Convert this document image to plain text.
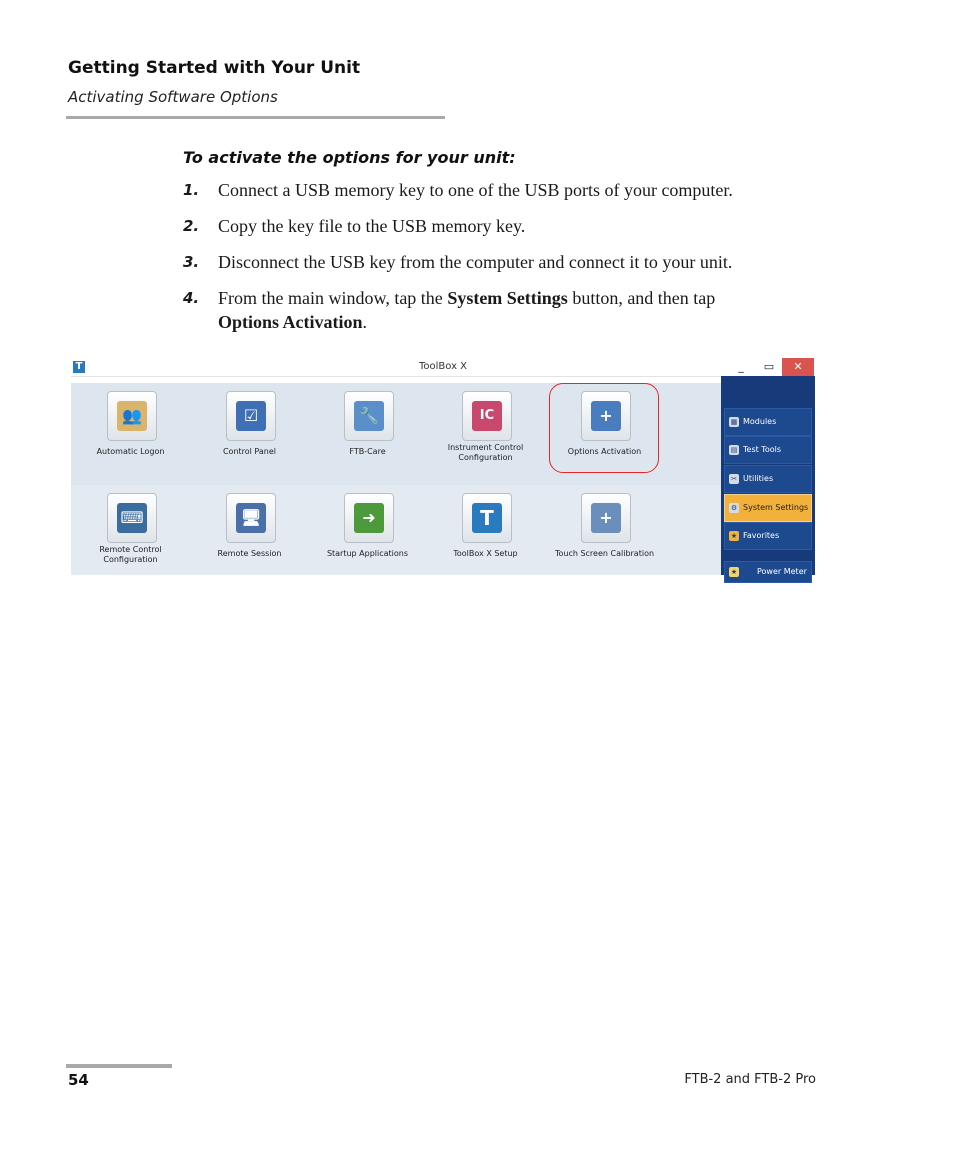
Getting Started with Your Unit
Activating Software Options
To activate the options for your unit:
1.	Connect a USB memory key to one of the USB ports of your computer.
2.	Copy the key file to the USB memory key.
3.	Disconnect the USB key from the computer and connect it to your unit.
4.	From the main window, tap the System Settings button, and then tap
Options Activation.
T	ToolBox X	_	▭	✕
👥
Automatic Logon
☑
Control Panel
🔧
FTB-Care
IC
Instrument Control Configuration
+
Options Activation
⌨
Remote Control Configuration
🖥
Remote Session
➜
Startup Applications
T
ToolBox X Setup
+
Touch Screen Calibration
▦ Modules
▤ Test Tools
✂ Utilities
⚙ System Settings
★ Favorites
★ Power Meter -
54	FTB-2 and FTB-2 Pro
